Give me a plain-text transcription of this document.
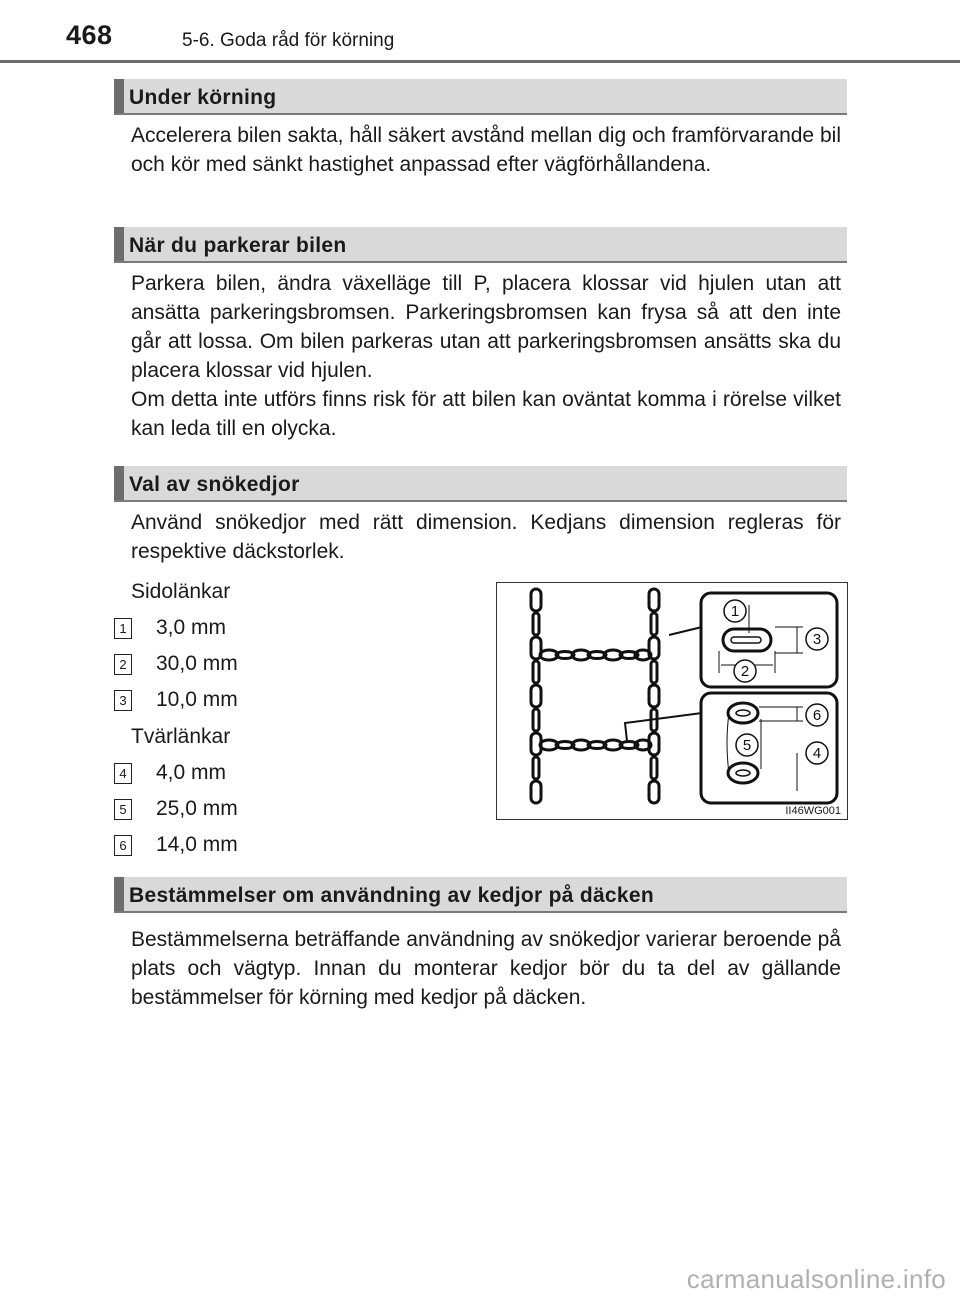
468	5-6. Goda råd för körning
Under körning

Accelerera bilen sakta, håll säkert avstånd mellan dig och framförvarande bil och kör med sänkt hastighet anpassad efter vägförhållandena.

När du parkerar bilen

Parkera bilen, ändra växelläge till P, placera klossar vid hjulen utan att ansätta parkeringsbromsen. Parkeringsbromsen kan frysa så att den inte går att lossa. Om bilen parkeras utan att parkeringsbromsen ansätts ska du placera klossar vid hjulen.

Om detta inte utförs finns risk för att bilen kan oväntat komma i rörelse vilket kan leda till en olycka.

Val av snökedjor

Använd snökedjor med rätt dimension. Kedjans dimension regleras för respektive däckstorlek.

Sidolänkar
1 3,0 mm
2 30,0 mm
3 10,0 mm
Tvärlänkar
4 4,0 mm
5 25,0 mm
6 14,0 mm
1
2
3
4
5
6
II46WG001
Bestämmelser om användning av kedjor på däcken

Bestämmelserna beträffande användning av snökedjor varierar beroende på plats och vägtyp. Innan du monterar kedjor bör du ta del av gällande bestämmelser för körning med kedjor på däcken.

carmanualsonline.info
